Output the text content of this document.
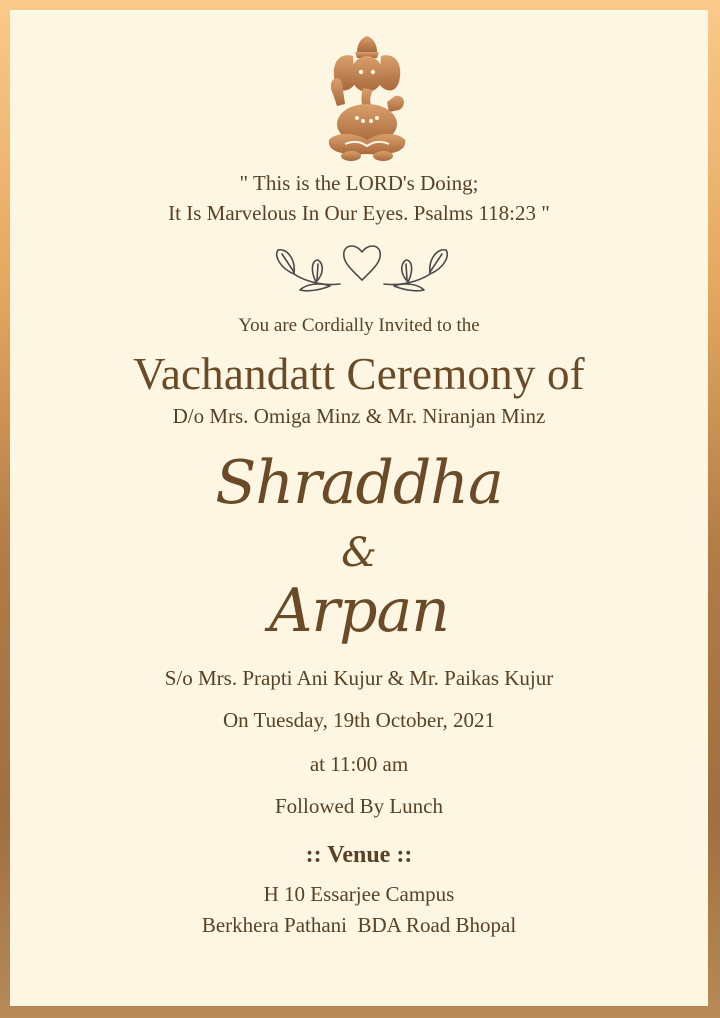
" This is the LORD's Doing;
It Is Marvelous In Our Eyes. Psalms 118:23 "
You are Cordially Invited to the
Vachandatt Ceremony of
D/o Mrs. Omiga Minz & Mr. Niranjan Minz
Shraddha
&
Arpan
S/o Mrs. Prapti Ani Kujur & Mr. Paikas Kujur
On Tuesday, 19th October, 2021
at 11:00 am
Followed By Lunch
:: Venue ::
H 10 Essarjee Campus
Berkhera Pathani  BDA Road Bhopal
